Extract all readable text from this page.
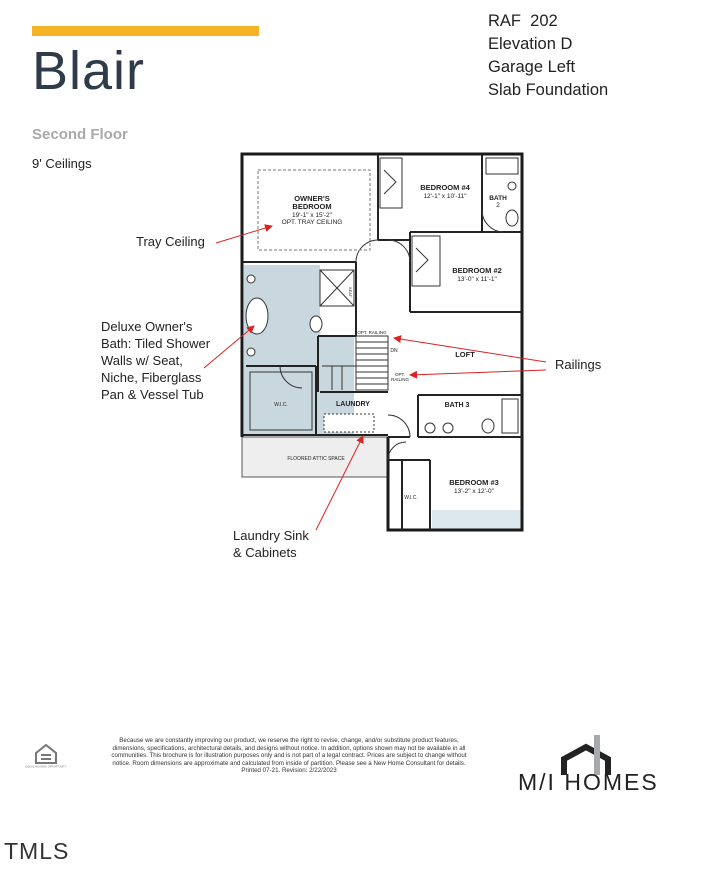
Blair
Second Floor
9' Ceilings
RAF  202
Elevation D
Garage Left
Slab Foundation
Tray Ceiling
Deluxe Owner's
Bath: Tiled Shower
Walls w/ Seat,
Niche, Fiberglass
Pan & Vessel Tub
Railings
Laundry Sink
& Cabinets
OWNER'S
BEDROOM
19'-1" x 15'-2"
OPT. TRAY CEILING
BEDROOM #4
12'-1" x 10'-11"	BATH
2
BEDROOM #2
13'-0" x 11'-1"
LOFT
OPT. RAILING
OPT.
RAILING
DN
LAUNDRY	BATH 3
W.I.C.
W.I.C.
FLOORED ATTIC SPACE
BEDROOM #3
13'-2" x 12'-0"
SEAT
EQUAL HOUSING OPPORTUNITY
Because we are constantly improving our product, we reserve the right to revise, change, and/or substitute product features, dimensions, specifications, architectural details, and designs without notice. In addition, options shown may not be available in all communities. This brochure is for illustration purposes only and is not part of a legal contract. Prices are subject to change without notice. Room dimensions are approximate and calculated from inside of partition. Please see a New Home Consultant for details. Printed 07-21. Revision: 2/22/2023	M/I HOMES
TMLS
